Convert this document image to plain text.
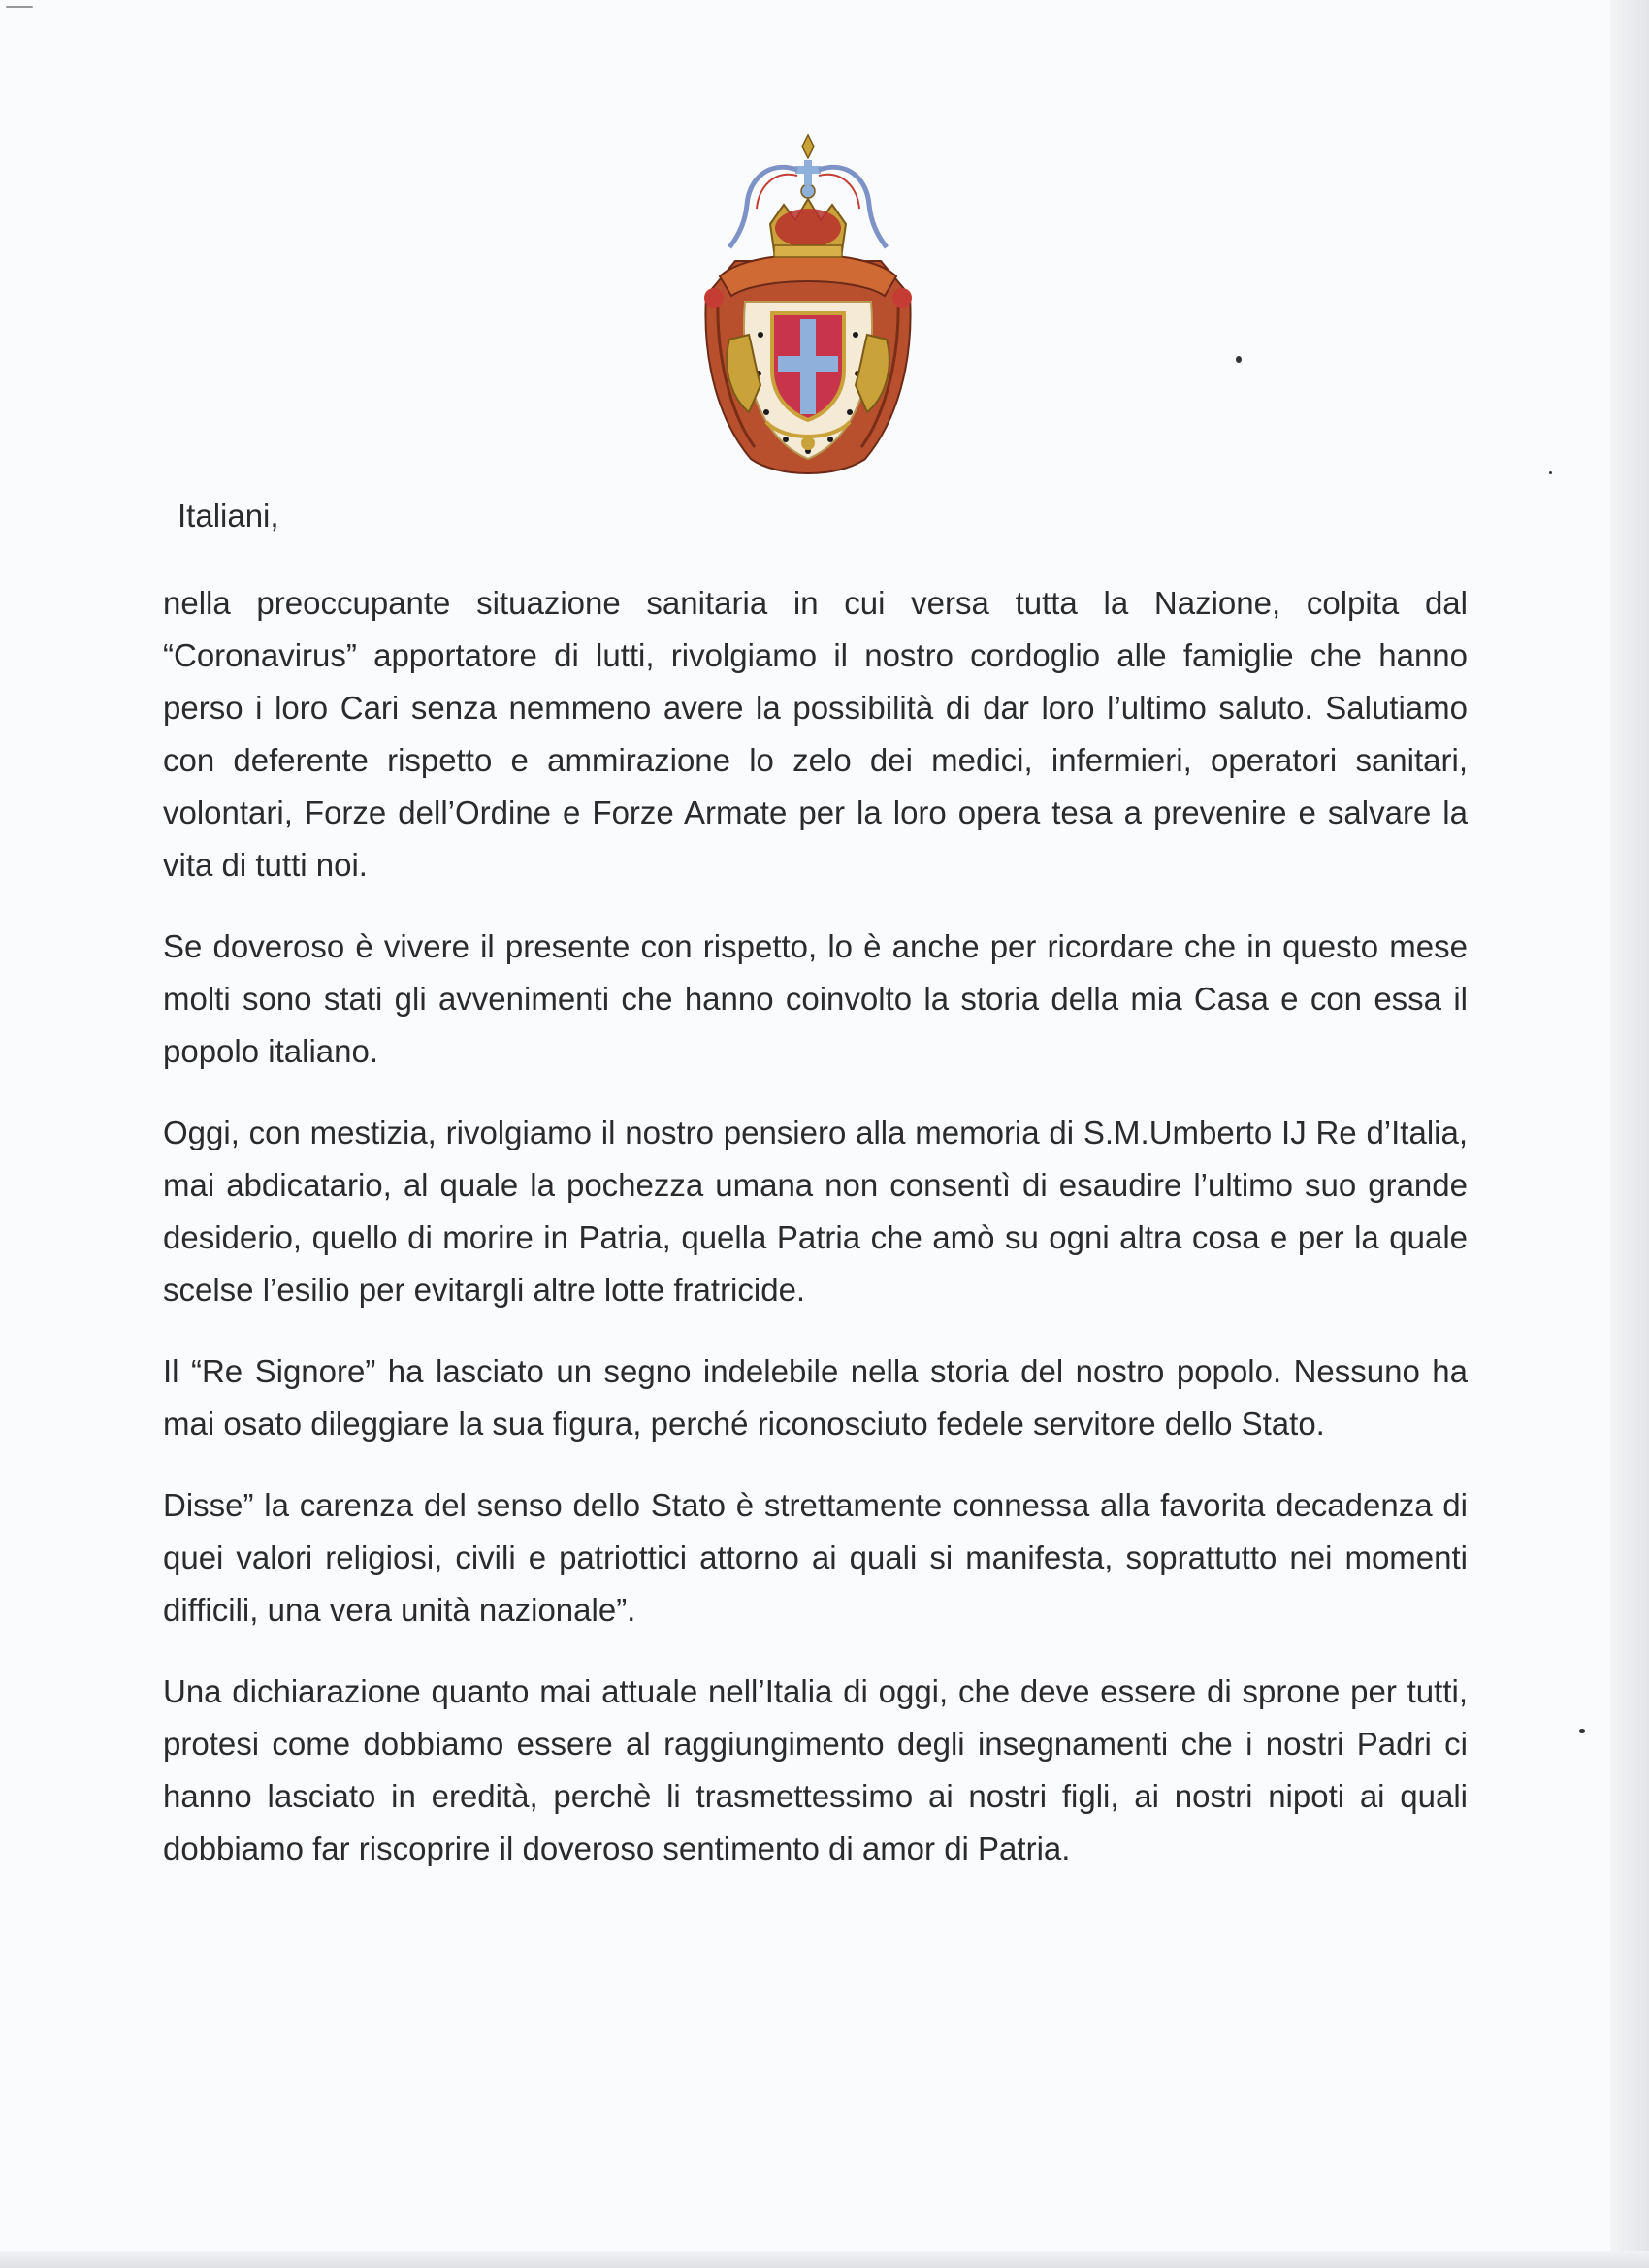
Italiani,

nella preoccupante situazione sanitaria in cui versa tutta la Nazione, colpita dal “Coronavirus” apportatore di lutti, rivolgiamo il nostro cordoglio alle famiglie che hanno perso i loro Cari senza nemmeno avere la possibilità di dar loro l’ultimo saluto. Salutiamo con deferente rispetto e ammirazione lo zelo dei medici, infermieri, operatori sanitari, volontari, Forze dell’Ordine e Forze Armate per la loro opera tesa a prevenire e salvare la vita di tutti noi.

Se doveroso è vivere il presente con rispetto, lo è anche per ricordare che in questo mese molti sono stati gli avvenimenti che hanno coinvolto la storia della mia Casa e con essa il popolo italiano.

Oggi, con mestizia, rivolgiamo il nostro pensiero alla memoria di S.M.Umberto IJ Re d’Italia, mai abdicatario, al quale la pochezza umana non consentì di esaudire l’ultimo suo grande desiderio, quello di morire in Patria, quella Patria che amò su ogni altra cosa e per la quale scelse l’esilio per evitargli altre lotte fratricide.

Il “Re Signore” ha lasciato un segno indelebile nella storia del nostro popolo. Nessuno ha mai osato dileggiare la sua figura, perché riconosciuto fedele servitore dello Stato.

Disse” la carenza del senso dello Stato è strettamente connessa alla favorita decadenza di quei valori religiosi, civili e patriottici attorno ai quali si manifesta, soprattutto nei momenti difficili, una vera unità nazionale”.

Una dichiarazione quanto mai attuale nell’Italia di oggi, che deve essere di sprone per tutti, protesi come dobbiamo essere al raggiungimento degli insegnamenti che i nostri Padri ci hanno lasciato in eredità, perchè li trasmettessimo ai nostri figli, ai nostri nipoti ai quali dobbiamo far riscoprire il doveroso sentimento di amor di Patria.
